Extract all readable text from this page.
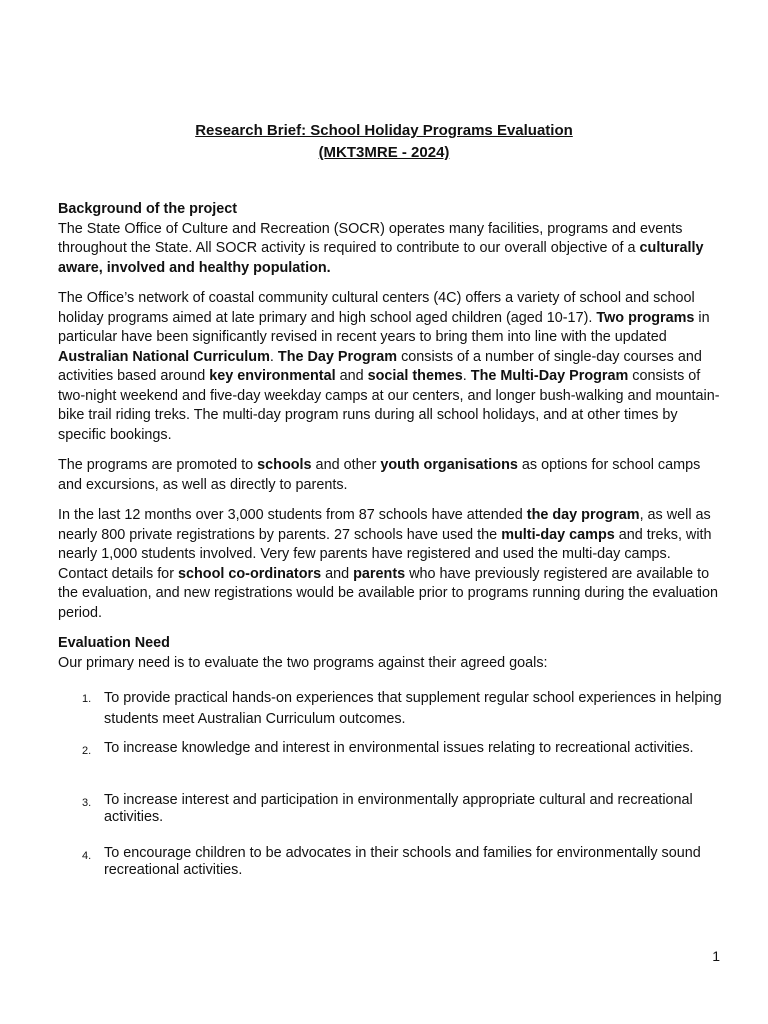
Research Brief: School Holiday Programs Evaluation
(MKT3MRE - 2024)

Background of the project

The State Office of Culture and Recreation (SOCR) operates many facilities, programs and events throughout the State. All SOCR activity is required to contribute to our overall objective of a culturally aware, involved and healthy population.

The Office’s network of coastal community cultural centers (4C) offers a variety of school and school holiday programs aimed at late primary and high school aged children (aged 10-17). Two programs in particular have been significantly revised in recent years to bring them into line with the updated Australian National Curriculum. The Day Program consists of a number of single-day courses and activities based around key environmental and social themes. The Multi-Day Program consists of two-night weekend and five-day weekday camps at our centers, and longer bush-walking and mountain-bike trail riding treks. The multi-day program runs during all school holidays, and at other times by specific bookings.

The programs are promoted to schools and other youth organisations as options for school camps and excursions, as well as directly to parents.

In the last 12 months over 3,000 students from 87 schools have attended the day program, as well as nearly 800 private registrations by parents. 27 schools have used the multi-day camps and treks, with nearly 1,000 students involved. Very few parents have registered and used the multi-day camps. Contact details for school co-ordinators and parents who have previously registered are available to the evaluation, and new registrations would be available prior to programs running during the evaluation period.

Evaluation Need

Our primary need is to evaluate the two programs against their agreed goals:

1. To provide practical hands-on experiences that supplement regular school experiences in helping students meet Australian Curriculum outcomes.
2. To increase knowledge and interest in environmental issues relating to recreational activities.
3. To increase interest and participation in environmentally appropriate cultural and recreational activities.
4. To encourage children to be advocates in their schools and families for environmentally sound recreational activities.
1
